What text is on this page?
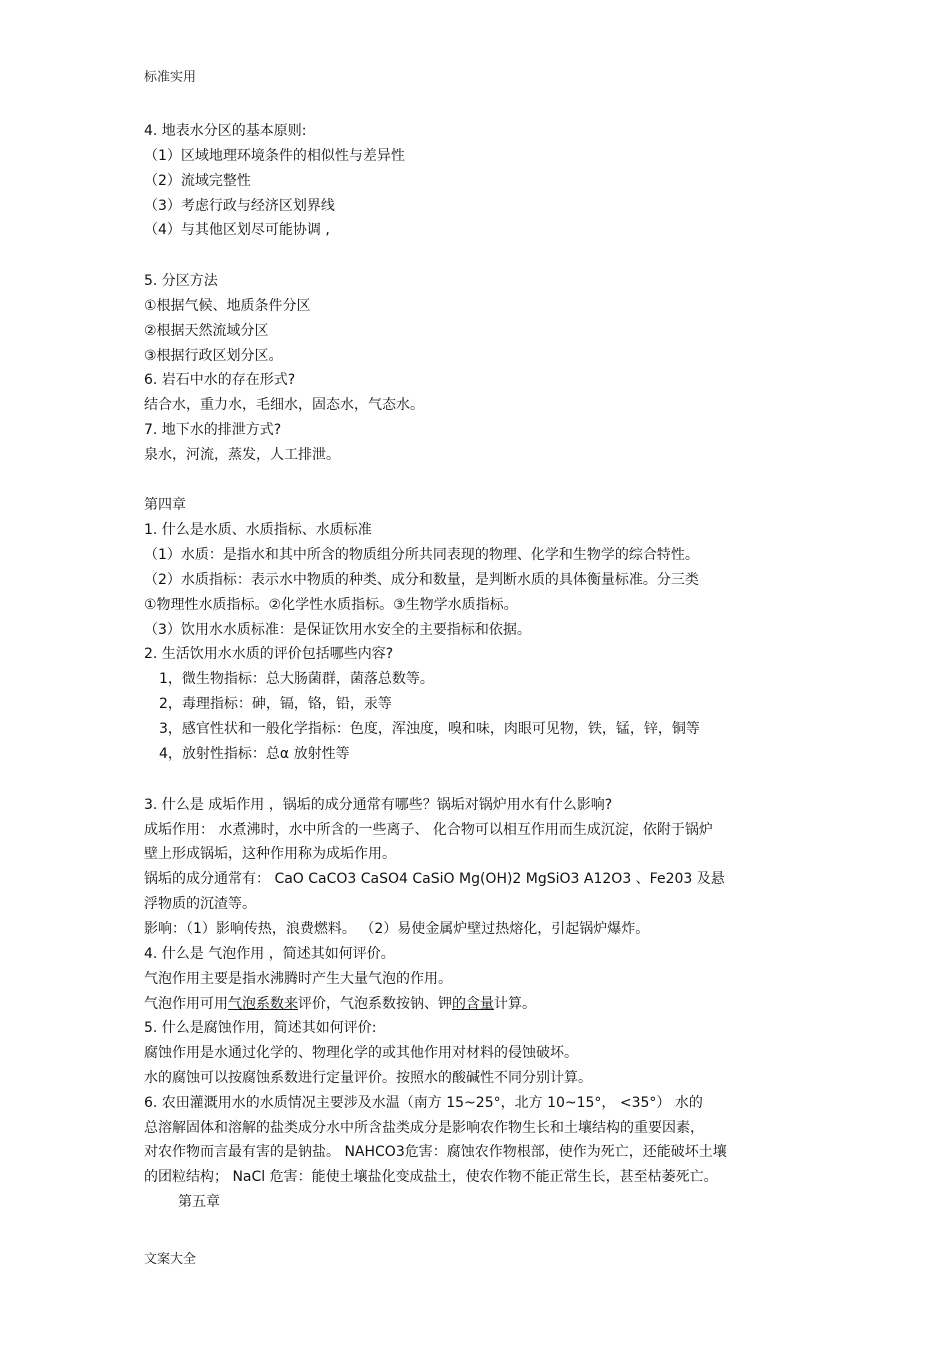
标准实用
4. 地表水分区的基本原则:
（1）区域地理环境条件的相似性与差异性
（2）流域完整性
（3）考虑行政与经济区划界线
（4）与其他区划尽可能协调 ,
5. 分区方法
①根据气候、地质条件分区
②根据天然流域分区
③根据行政区划分区。
6. 岩石中水的存在形式?
结合水，重力水，毛细水，固态水，气态水。
7. 地下水的排泄方式?
泉水，河流，蒸发，人工排泄。
第四章
1. 什么是水质、水质指标、水质标准
（1）水质：是指水和其中所含的物质组分所共同表现的物理、化学和生物学的综合特性。
（2）水质指标：表示水中物质的种类、成分和数量，是判断水质的具体衡量标准。分三类
①物理性水质指标。②化学性水质指标。③生物学水质指标。
（3）饮用水水质标准：是保证饮用水安全的主要指标和依据。
2. 生活饮用水水质的评价包括哪些内容?
1，微生物指标：总大肠菌群，菌落总数等。
2，毒理指标：砷，镉，铬，铅，汞等
3，感官性状和一般化学指标：色度，浑浊度，嗅和味，肉眼可见物，铁，锰，锌，铜等
4，放射性指标：总α 放射性等
3. 什么是 成垢作用 ，锅垢的成分通常有哪些？锅垢对锅炉用水有什么影响?
成垢作用： 水煮沸时，水中所含的一些离子、 化合物可以相互作用而生成沉淀，依附于锅炉
壁上形成锅垢，这种作用称为成垢作用。
锅垢的成分通常有： CaO CaCO3 CaSO4 CaSiO Mg(OH)2 MgSiO3 A12O3 、Fe203 及悬
浮物质的沉渣等。
影响：（1）影响传热，浪费燃料。 （2）易使金属炉壁过热熔化，引起锅炉爆炸。
4. 什么是 气泡作用 ，简述其如何评价。
气泡作用主要是指水沸腾时产生大量气泡的作用。
气泡作用可用气泡系数来评价，气泡系数按钠、钾的含量计算。
5. 什么是腐蚀作用，简述其如何评价:
腐蚀作用是水通过化学的、物理化学的或其他作用对材料的侵蚀破坏。
水的腐蚀可以按腐蚀系数进行定量评价。按照水的酸碱性不同分别计算。
6. 农田灌溉用水的水质情况主要涉及水温（南方 15~25°，北方 10~15°， <35°） 水的
总溶解固体和溶解的盐类成分水中所含盐类成分是影响农作物生长和土壤结构的重要因素，
对农作物而言最有害的是钠盐。 NAHCO3危害：腐蚀农作物根部，使作为死亡，还能破坏土壤
的团粒结构； NaCl 危害：能使土壤盐化变成盐土，使农作物不能正常生长，甚至枯萎死亡。
第五章
文案大全
